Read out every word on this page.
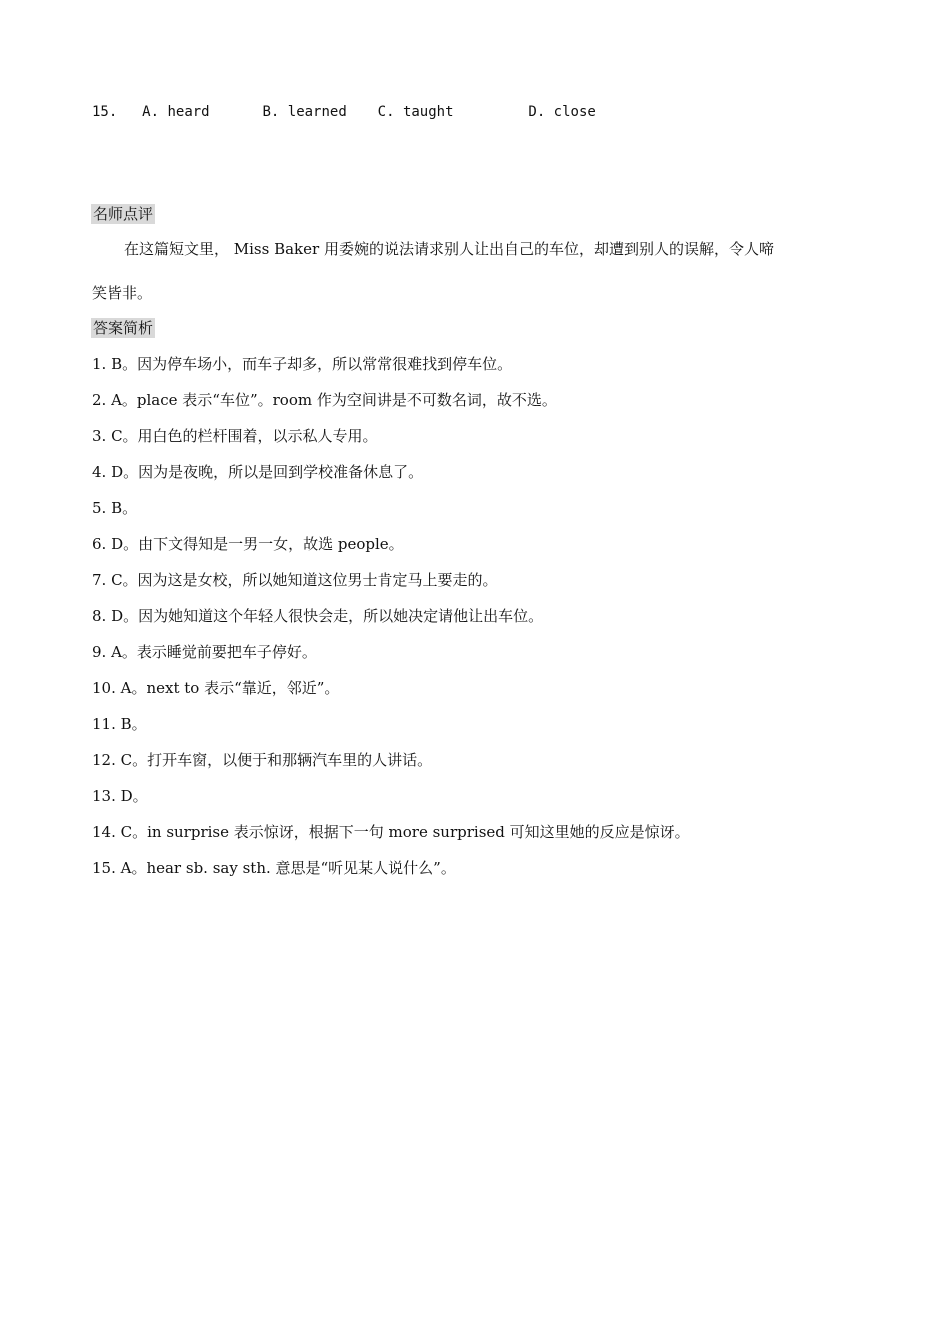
15. A. heard	B. learned C. taught	D. close
名师点评
在这篇短文里， Miss Baker 用委婉的说法请求别人让出自己的车位，却遭到别人的误解，令人啼
笑皆非。
答案简析
1. B。因为停车场小，而车子却多，所以常常很难找到停车位。
2. A。place 表示“车位”。room 作为空间讲是不可数名词，故不选。
3. C。用白色的栏杆围着，以示私人专用。
4. D。因为是夜晚，所以是回到学校准备休息了。
5. B。
6. D。由下文得知是一男一女，故选 people。
7. C。因为这是女校，所以她知道这位男士肯定马上要走的。
8. D。因为她知道这个年轻人很快会走，所以她决定请他让出车位。
9. A。表示睡觉前要把车子停好。
10. A。next to 表示“靠近，邻近”。
11. B。
12. C。打开车窗，以便于和那辆汽车里的人讲话。
13. D。
14. C。in surprise 表示惊讶，根据下一句 more surprised 可知这里她的反应是惊讶。
15. A。hear sb. say sth. 意思是“听见某人说什么”。
